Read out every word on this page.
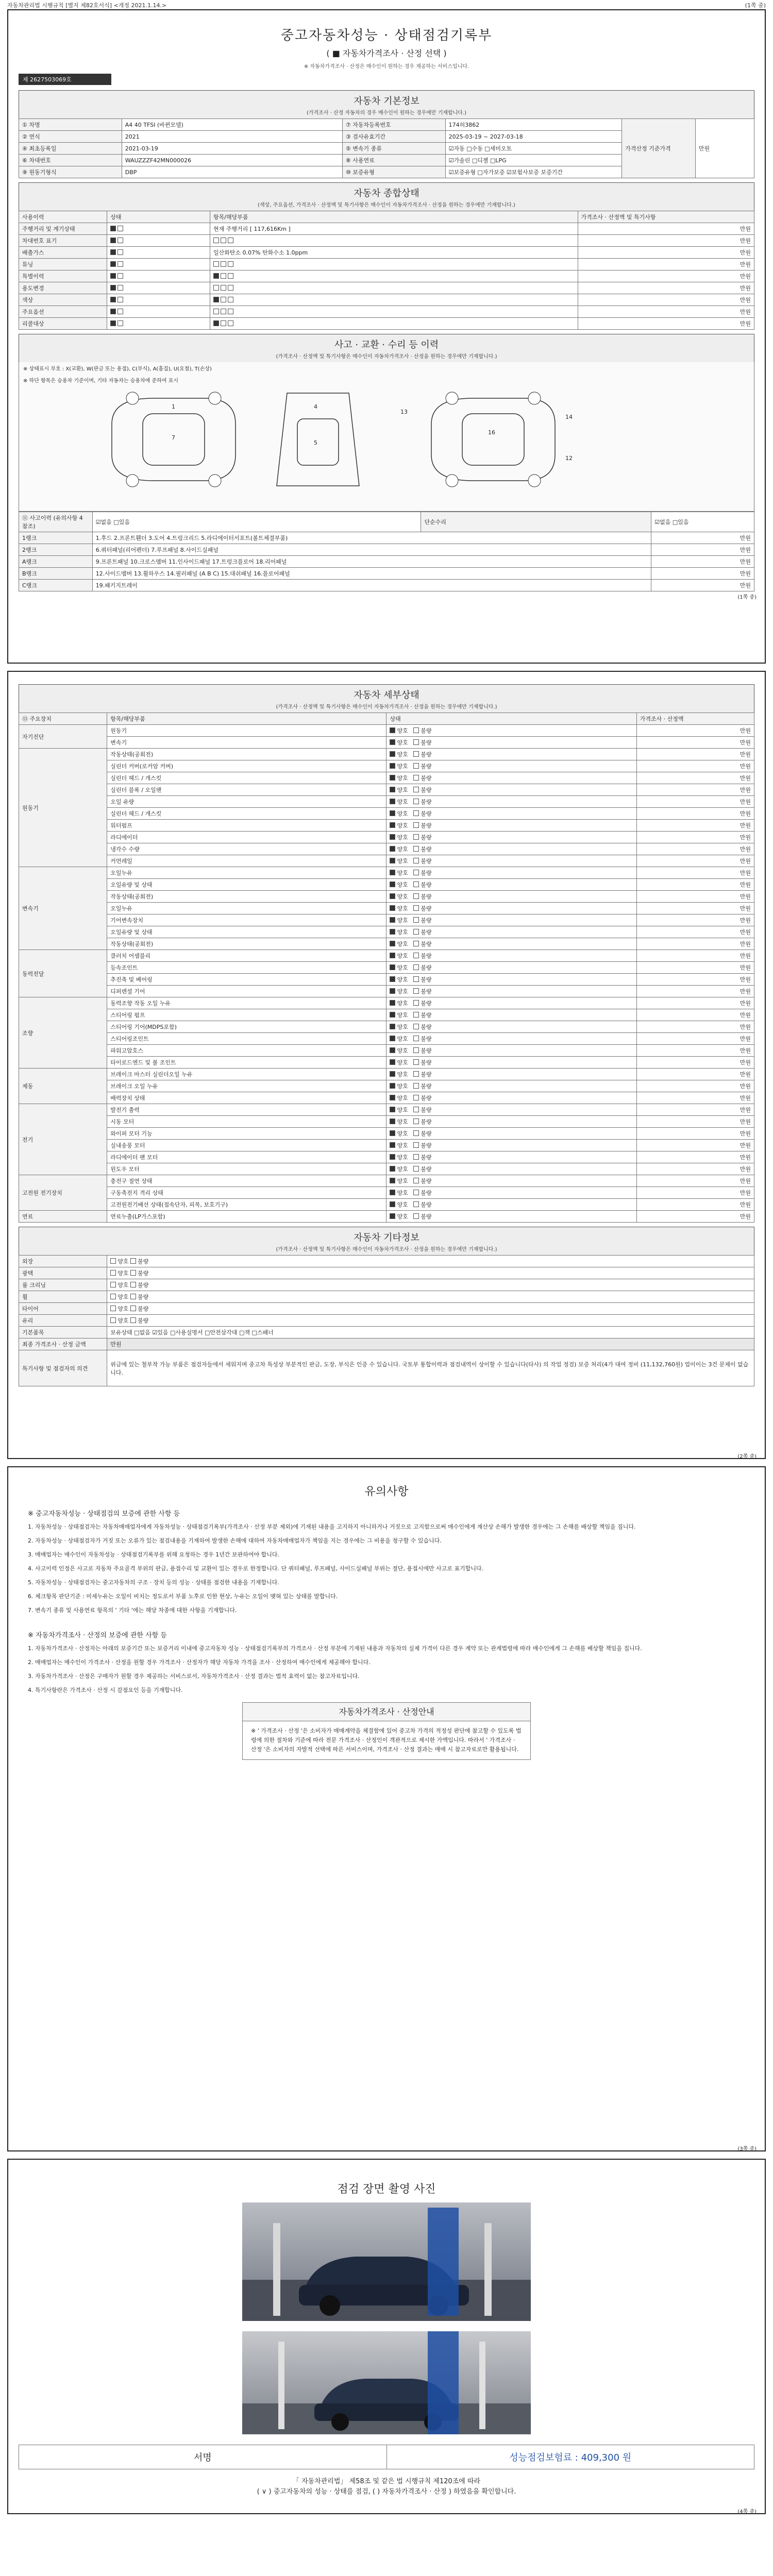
자동차관리법 시행규칙 [별지 제82호서식] <개정 2021.1.14.>	(1쪽 중)
중고자동차성능 · 상태점검기록부
( ■ 자동차가격조사 · 산정 선택 )
※ 자동차가격조사 · 산정은 매수인이 원하는 경우 제공하는 서비스입니다.
제 2627503069호
자동차 기본정보
(가격조사 · 산정 자동차의 경우 매수인이 원하는 경우에만 기재합니다.)
① 차명	A4 40 TFSI (바뀐모델)	⑦ 자동차등록번호	174허3862	가격산정 기준가격	만원
② 연식	2021	③ 검사유효기간	2025-03-19 ~ 2027-03-18		
④ 최초등록일	2021-03-19	⑤ 변속기 종류	☑자동 □수동 □세미오토		
⑥ 차대번호	WAUZZZF42MN000026	⑧ 사용연료	☑가솔린 □디젤 □LPG		
⑨ 원동기형식	DBP	⑩ 보증유형	☑보증유형 □자가보증 ☑보험사보증 보증기간		
자동차 종합상태
(색상, 주요옵션, 가격조사 · 산정액 및 특기사항은 매수인이 자동차가격조사 · 산정을 원하는 경우에만 기재합니다.)
사용이력	상태	항목/해당부품	가격조사 · 산정액 및 특기사항
주행거리 및 계기상태		현재 주행거리 [ 117,616Km ]	만원
차대번호 표기			만원
배출가스		일산화탄소 0.07% 탄화수소 1.0ppm	만원
튜닝			만원
특별이력			만원
용도변경			만원
색상			만원
주요옵션			만원
리콜대상			만원
사고 · 교환 · 수리 등 이력
(가격조사 · 산정액 및 특기사항은 매수인이 자동차가격조사 · 산정을 원하는 경우에만 기재합니다.)
※ 상태표시 부호 : X(교환), W(판금 또는 용접), C(부식), A(흠집), U(요철), T(손상)
※ 하단 항목은 승용차 기준이며, 기타 자동차는 승용차에 준하여 표시
1
7
4
5
13
16
14
12
⑪ 사고이력 (유의사항 4 참조)	☑없음 □있음	단순수리	☑없음 □있음
1랭크	1.후드 2.프론트휀더 3.도어 4.트렁크리드 5.라디에이터서포트(볼트체결부품)		만원
2랭크	6.쿼터패널(리어펜더) 7.루프패널 8.사이드실패널		만원
A랭크	9.프론트패널 10.크로스멤버 11.인사이드패널 17.트렁크플로어 18.리어패널		만원
B랭크	12.사이드멤버 13.휠하우스 14.필러패널 (A B C) 15.대쉬패널 16.플로어패널		만원
C랭크	19.패키지트레이		만원
(1쪽 중)
자동차 세부상태
(가격조사 · 산정액 및 특기사항은 매수인이 자동차가격조사 · 산정을 원하는 경우에만 기재합니다.)
⑬ 주요장치	항목/해당부품	상태	가격조사 · 산정액
자기진단	원동기	양호 불량	만원
	변속기	양호 불량	만원
원동기	작동상태(공회전)	양호 불량	만원
	실린더 커버(로커암 커버)	양호 불량	만원
	실린더 헤드 / 개스킷	양호 불량	만원
	실린더 블록 / 오일팬	양호 불량	만원
	오일 유량	양호 불량	만원
	실린더 헤드 / 개스킷	양호 불량	만원
	워터펌프	양호 불량	만원
	라디에이터	양호 불량	만원
	냉각수 수량	양호 불량	만원
	커먼레일	양호 불량	만원
변속기	오일누유	양호 불량	만원
	오일유량 및 상태	양호 불량	만원
	작동상태(공회전)	양호 불량	만원
	오일누유	양호 불량	만원
	기어변속장치	양호 불량	만원
	오일유량 및 상태	양호 불량	만원
	작동상태(공회전)	양호 불량	만원
동력전달	클러치 어셈블리	양호 불량	만원
	등속조인트	양호 불량	만원
	추진축 및 베어링	양호 불량	만원
	디퍼렌셜 기어	양호 불량	만원
조향	동력조향 작동 오일 누유	양호 불량	만원
	스티어링 펌프	양호 불량	만원
	스티어링 기어(MDPS포함)	양호 불량	만원
	스티어링조인트	양호 불량	만원
	파워고압호스	양호 불량	만원
	타이로드엔드 및 볼 조인트	양호 불량	만원
제동	브레이크 마스터 실린더오일 누유	양호 불량	만원
	브레이크 오일 누유	양호 불량	만원
	배력장치 상태	양호 불량	만원
전기	발전기 출력	양호 불량	만원
	시동 모터	양호 불량	만원
	와이퍼 모터 기능	양호 불량	만원
	실내송풍 모터	양호 불량	만원
	라디에이터 팬 모터	양호 불량	만원
	윈도우 모터	양호 불량	만원
고전원 전기장치	충전구 절연 상태	양호 불량	만원
	구동축전지 격리 상태	양호 불량	만원
	고전원전기배선 상태(접속단자, 피복, 보호기구)	양호 불량	만원
연료	연료누출(LP가스포함)	양호 불량	만원
자동차 기타정보
(가격조사 · 산정액 및 특기사항은 매수인이 자동차가격조사 · 산정을 원하는 경우에만 기재합니다.)
외장	양호 불량
광택	양호 불량
룸 크리닝	양호 불량
휠	양호 불량
타이어	양호 불량
유리	양호 불량
기본품목	보유상태 □없음 ☑있음 □사용설명서 □안전삼각대 □잭 □스패너
최종 가격조사 · 산정 금액	만원
특기사항 및 점검자의 의견	위금에 있는 철부착 가능 부품은 점검자들에서 세워지며 중고차 특성상 부분적인 판금, 도장, 부식은 인증 수 있습니다. 국토부 통합이력과 점검내역이 상이할 수 있습니다(타사) 의 작업 정검) 보증 처리(4가 대여 정비 (11,132,760원) 업이이는 3건 문제이 없습니다.
(2쪽 중)
유의사항
※ 중고자동차성능 · 상태점검의 보증에 관한 사항 등

1. 자동차성능 · 상태점검자는 자동차매매업자에게 자동차성능 · 상태점검기록부(가격조사 · 산정 부분 제외)에 기재된 내용을 고지하지 아니하거나 거짓으로 고지함으로써 매수인에게 재산상 손해가 발생한 경우에는 그 손해를 배상할 책임을 집니다.

2. 자동차성능 · 상태점검자가 거짓 또는 오류가 있는 점검내용을 기재하여 발생한 손해에 대하여 자동차매매업자가 책임을 지는 경우에는 그 비용을 청구할 수 있습니다.

3. 매매업자는 매수인이 자동차성능 · 상태점검기록부를 위해 요청하는 경우 1년간 보관하여야 합니다.

4. 사고이력 인정은 사고로 자동차 주요골격 부위의 판금, 용접수리 및 교환이 있는 경우로 한정합니다. 단 쿼터패널, 루프패널, 사이드실패널 부위는 절단, 용접시에만 사고로 표기합니다.

5. 자동차성능 · 상태점검자는 중고자동차의 구조 · 장치 등의 성능 · 상태를 점검한 내용을 기재합니다.

6. 체크항목 판단기준 : 미세누유는 오일이 비치는 정도로서 부품 노후로 인한 현상, 누유는 오일이 맺혀 있는 상태를 말합니다.

7. 변속기 종류 및 사용연료 항목의 ' 기타 '에는 해당 차종에 대한 사항을 기재합니다.

※ 자동차가격조사 · 산정의 보증에 관한 사항 등

1. 자동차가격조사 · 산정자는 아래의 보증기간 또는 보증거리 이내에 중고자동차 성능 · 상태점검기록부의 가격조사 · 산정 부분에 기재된 내용과 자동차의 실제 가격이 다른 경우 계약 또는 관계법령에 따라 매수인에게 그 손해를 배상할 책임을 집니다.

2. 매매업자는 매수인이 가격조사 · 산정을 원할 경우 가격조사 · 산정자가 해당 자동차 가격을 조사 · 산정하여 매수인에게 제공해야 합니다.

3. 자동차가격조사 · 산정은 구매자가 원할 경우 제공하는 서비스로서, 자동차가격조사 · 산정 결과는 법적 효력이 없는 참고자료입니다.

4. 특기사항란은 가격조사 · 산정 시 감점요인 등을 기재합니다.

자동차가격조사 · 산정안내

※ ' 가격조사 · 산정 '은 소비자가 매매계약을 체결함에 있어 중고차 가격의 적정성 판단에 참고할 수 있도록 법령에 의한 절차와 기준에 따라 전문 가격조사 · 산정인이 객관적으로 제시한 가액입니다. 따라서 ' 가격조사 · 산정 '은 소비자의 자발적 선택에 따른 서비스이며, 가격조사 · 산정 결과는 매매 시 참고자료로만 활용됩니다.

(3쪽 중)
점검 장면 촬영 사진
서명	성능점검보험료 : 409,300 원
「 자동차관리법」 제58조 및 같은 법 시행규칙 제120조에 따라
( ∨ ) 중고자동차의 성능 · 상태를 점검, ( ) 자동차가격조사 · 산정 ) 하였음을 확인합니다.
(4쪽 중)
